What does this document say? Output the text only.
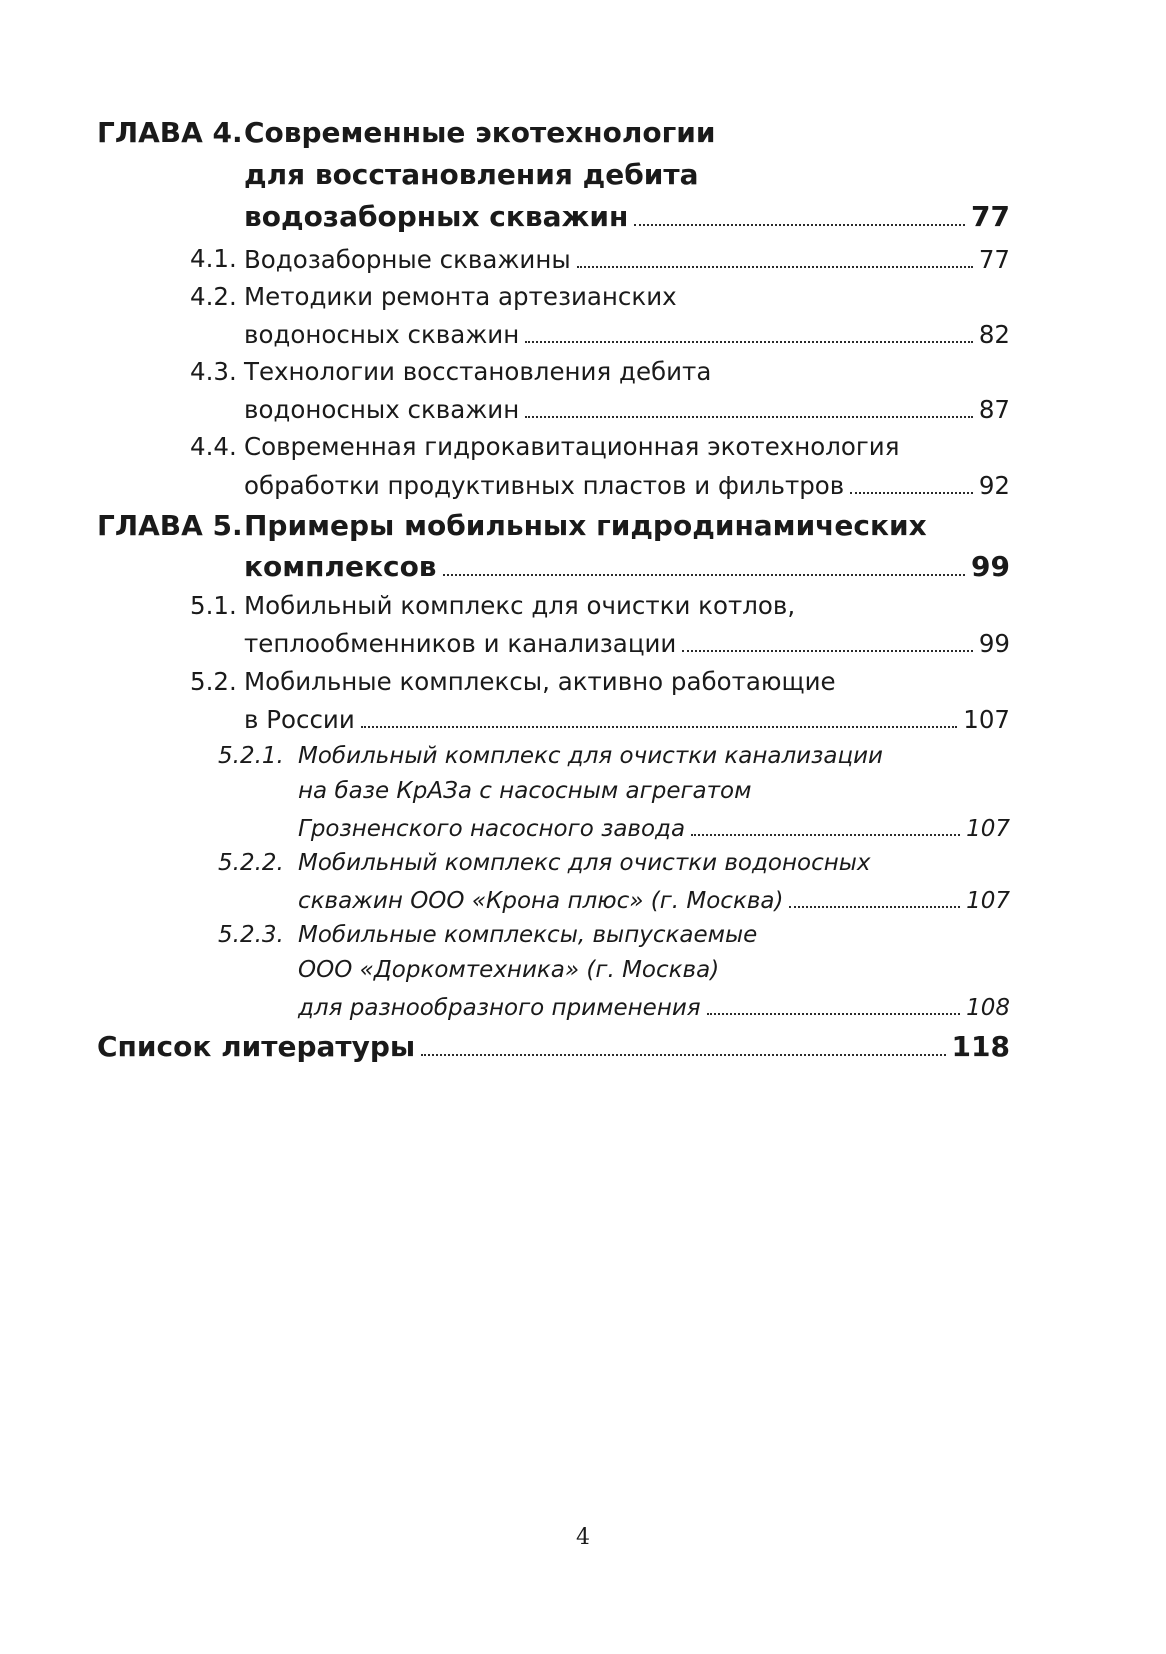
ГЛАВА 4. Современные экотехнологии
для восстановления дебита
водозаборных скважин	77
4.1. Водозаборные скважины	77
4.2. Методики ремонта артезианских
водоносных скважин	82
4.3. Технологии восстановления дебита
водоносных скважин	87
4.4. Современная гидрокавитационная экотехнология
обработки продуктивных пластов и фильтров	92
ГЛАВА 5. Примеры мобильных гидродинамических
комплексов	99
5.1. Мобильный комплекс для очистки котлов,
теплообменников и канализации	99
5.2. Мобильные комплексы, активно работающие
в России	107
5.2.1. Мобильный комплекс для очистки канализации
на базе КрАЗа с насосным агрегатом
Грозненского насосного завода	107
5.2.2. Мобильный комплекс для очистки водоносных
скважин ООО «Крона плюс» (г. Москва)	107
5.2.3. Мобильные комплексы, выпускаемые
ООО «Доркомтехника» (г. Москва)
для разнообразного применения	108
Список литературы	118
4
